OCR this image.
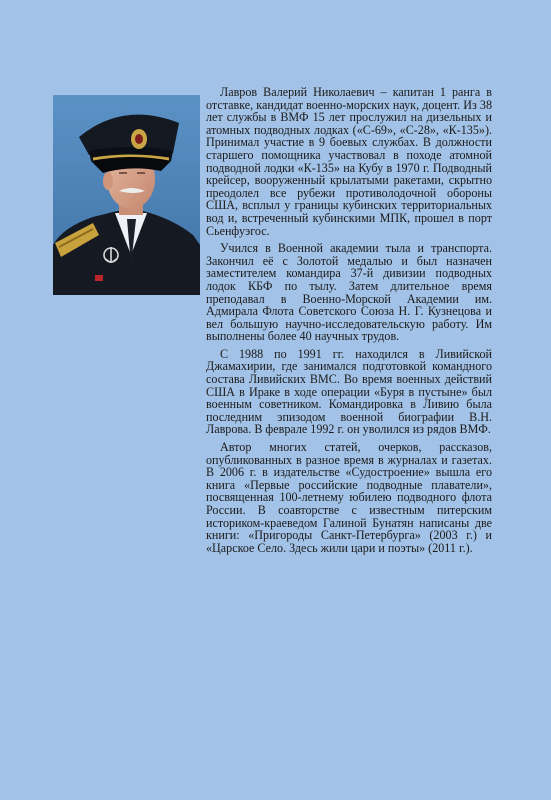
Лавров Валерий Николаевич – капитан 1 ранга в отставке, кандидат военно-морских наук, доцент. Из 38 лет службы в ВМФ 15 лет прослужил на дизельных и атомных подводных лодках («С-69», «С-28», «К-135»). Принимал участие в 9 боевых службах. В должности старшего помощника участвовал в походе атомной подводной лодки «К-135» на Кубу в 1970 г. Подводный крейсер, вооруженный крылатыми ракетами, скрытно преодолел все рубежи противолодочной обороны США, всплыл у границы кубинских территориальных вод и, встреченный кубинскими МПК, прошел в порт Сьенфуэгос.

Учился в Военной академии тыла и транспорта. Закончил её с Золотой медалью и был назначен заместителем командира 37-й дивизии подводных лодок КБФ по тылу. Затем длительное время преподавал в Военно-Морской Академии им. Адмирала Флота Советского Союза Н. Г. Кузнецова и вел большую научно-исследовательскую работу. Им выполнены более 40 научных трудов.

С 1988 по 1991 гг. находился в Ливийской Джамахирии, где занимался подготовкой командного состава Ливийских ВМС. Во время военных действий США в Ираке в ходе операции «Буря в пустыне» был военным советником. Командировка в Ливию была последним эпизодом военной биографии В.Н. Лаврова. В феврале 1992 г. он уволился из рядов ВМФ.

Автор многих статей, очерков, рассказов, опубликованных в разное время в журналах и газетах. В 2006 г. в издательстве «Судостроение» вышла его книга «Первые российские подводные плаватели», посвященная 100-летнему юбилею подводного флота России. В соавторстве с известным питерским историком-краеведом Галиной Бунатян написаны две книги: «Пригороды Санкт-Петербурга» (2003 г.) и «Царское Село. Здесь жили цари и поэты» (2011 г.).
